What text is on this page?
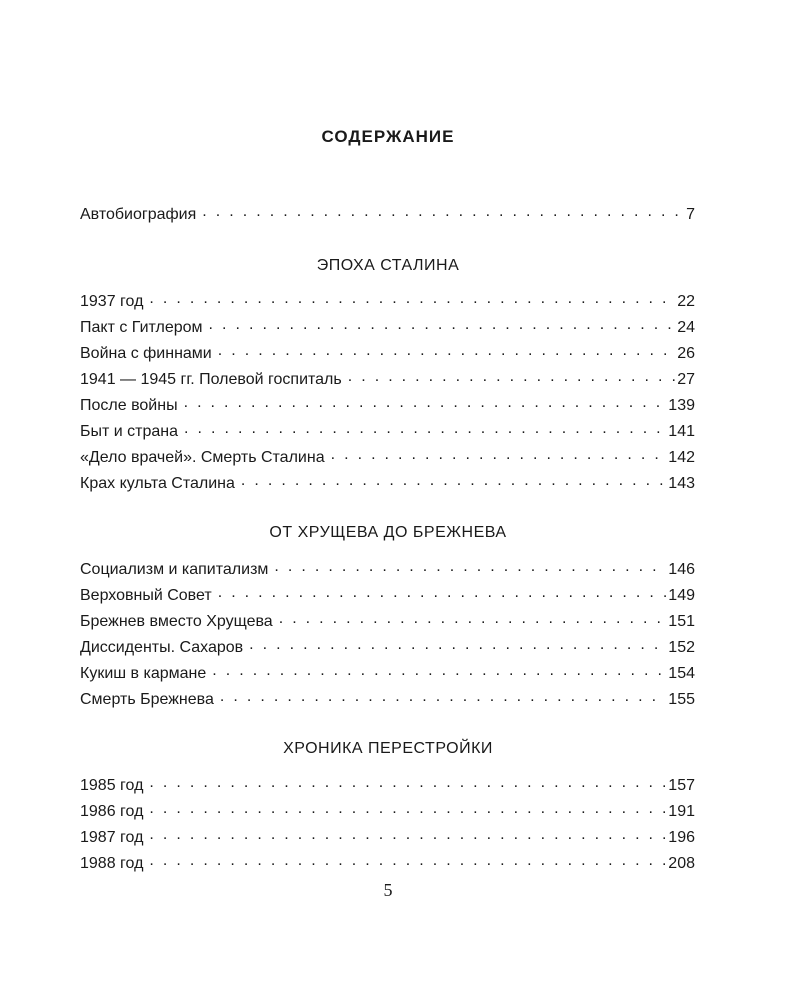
СОДЕРЖАНИЕ
Автобиография . . .	7
ЭПОХА СТАЛИНА
1937 год . . .	22
Пакт с Гитлером . . .	24
Война с финнами . . .	26
1941 — 1945 гг. Полевой госпиталь . . .	27
После войны . . .	139
Быт и страна . . .	141
«Дело врачей». Смерть Сталина . . .	142
Крах культа Сталина . . .	143
ОТ ХРУЩЕВА ДО БРЕЖНЕВА
Социализм и капитализм . . .	146
Верховный Совет . . .	149
Брежнев вместо Хрущева . . .	151
Диссиденты. Сахаров . . .	152
Кукиш в кармане . . .	154
Смерть Брежнева . . .	155
ХРОНИКА ПЕРЕСТРОЙКИ
1985 год . . .	157
1986 год . . .	191
1987 год . . .	196
1988 год . . .	208
5
